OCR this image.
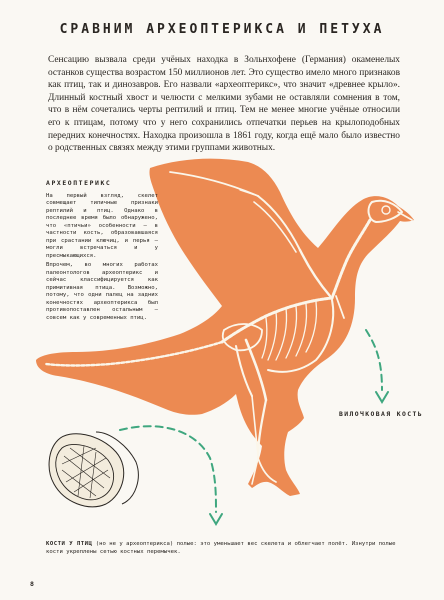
СРАВНИМ АРХЕОПТЕРИКСА И ПЕТУХА
Сенсацию вызвала среди учёных находка в Зольнхофене (Германия) окаменелых останков существа возрастом 150 миллионов лет. Это существо имело много признаков как птиц, так и динозавров. Его назвали «археоптерикс», что значит «древнее крыло». Длинный костный хвост и челюсти с мелкими зубами не оставляли сомнения в том, что в нём сочетались черты рептилий и птиц. Тем не менее многие учёные относили его к птицам, потому что у него сохранились отпечатки перьев на крылоподобных передних конечностях. Находка произошла в 1861 году, когда ещё мало было известно о родственных связях между этими группами животных.
АРХЕОПТЕРИКС

На первый взгляд, скелет совмещает типичные признаки рептилий и птиц. Однако в последнее время было обнаружено, что «птичьи» особенности — в частности кость, образовавшаяся при срастании ключиц, и перья — могли встречаться и у пресмыкающихся.

Впрочем, во многих работах палеонтологов археоптерикс и сейчас классифицируется как примитивная птица. Возможно, потому, что одни палец на задних конечностях археоптерикса был противопоставлен остальным — совсем как у современных птиц.

ВИЛОЧКОВАЯ КОСТЬ
КОСТИ У ПТИЦ (но не у археоптерикса) полые: это уменьшает вес скелета и облегчает полёт. Изнутри полые кости укреплены сетью костных перемычек.
8
